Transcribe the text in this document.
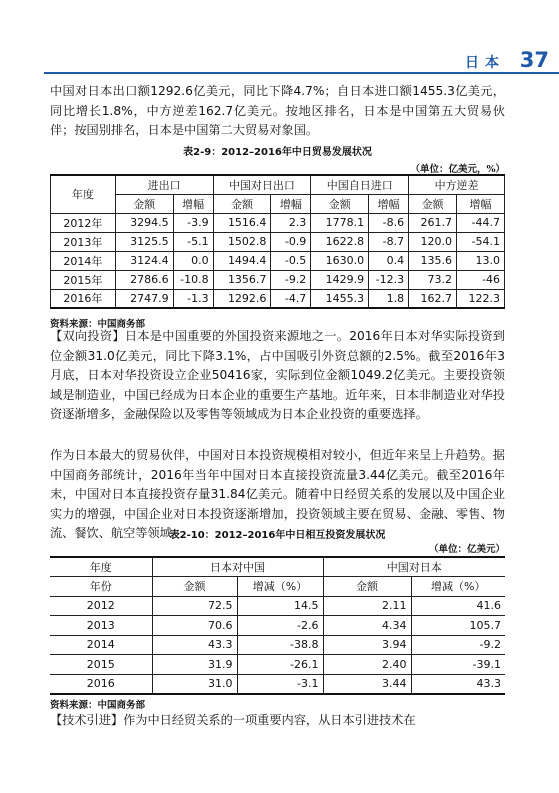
日本 37

中国对日本出口额1292.6亿美元，同比下降4.7%；自日本进口额1455.3亿美元，同比增长1.8%，中方逆差162.7亿美元。按地区排名，日本是中国第五大贸易伙伴；按国别排名，日本是中国第二大贸易对象国。

表2-9：2012–2016年中日贸易发展状况

（单位：亿美元，%）

年度	进出口		中国对日出口		中国自日进口		中方逆差	
	金额	增幅	金额	增幅	金额	增幅	金额	增幅
2012年	3294.5	-3.9	1516.4	2.3	1778.1	-8.6	261.7	-44.7
2013年	3125.5	-5.1	1502.8	-0.9	1622.8	-8.7	120.0	-54.1
2014年	3124.4	0.0	1494.4	-0.5	1630.0	0.4	135.6	13.0
2015年	2786.6	-10.8	1356.7	-9.2	1429.9	-12.3	73.2	-46
2016年	2747.9	-1.3	1292.6	-4.7	1455.3	1.8	162.7	122.3

资料来源：中国商务部

【双向投资】日本是中国重要的外国投资来源地之一。2016年日本对华实际投资到位金额31.0亿美元，同比下降3.1%，占中国吸引外资总额的2.5%。截至2016年3月底，日本对华投资设立企业50416家，实际到位金额1049.2亿美元。主要投资领域是制造业，中国已经成为日本企业的重要生产基地。近年来，日本非制造业对华投资逐渐增多，金融保险以及零售等领域成为日本企业投资的重要选择。

作为日本最大的贸易伙伴，中国对日本投资规模相对较小，但近年来呈上升趋势。据中国商务部统计，2016年当年中国对日本直接投资流量3.44亿美元。截至2016年末，中国对日本直接投资存量31.84亿美元。随着中日经贸关系的发展以及中国企业实力的增强，中国企业对日本投资逐渐增加，投资领域主要在贸易、金融、零售、物流、餐饮、航空等领域。

表2-10：2012–2016年中日相互投资发展状况

（单位：亿美元）

年度	日本对中国		中国对日本	
年份	金额	增减（%）	金额	增减（%）
2012	72.5	14.5	2.11	41.6
2013	70.6	-2.6	4.34	105.7
2014	43.3	-38.8	3.94	-9.2
2015	31.9	-26.1	2.40	-39.1
2016	31.0	-3.1	3.44	43.3

资料来源：中国商务部

【技术引进】作为中日经贸关系的一项重要内容，从日本引进技术在
